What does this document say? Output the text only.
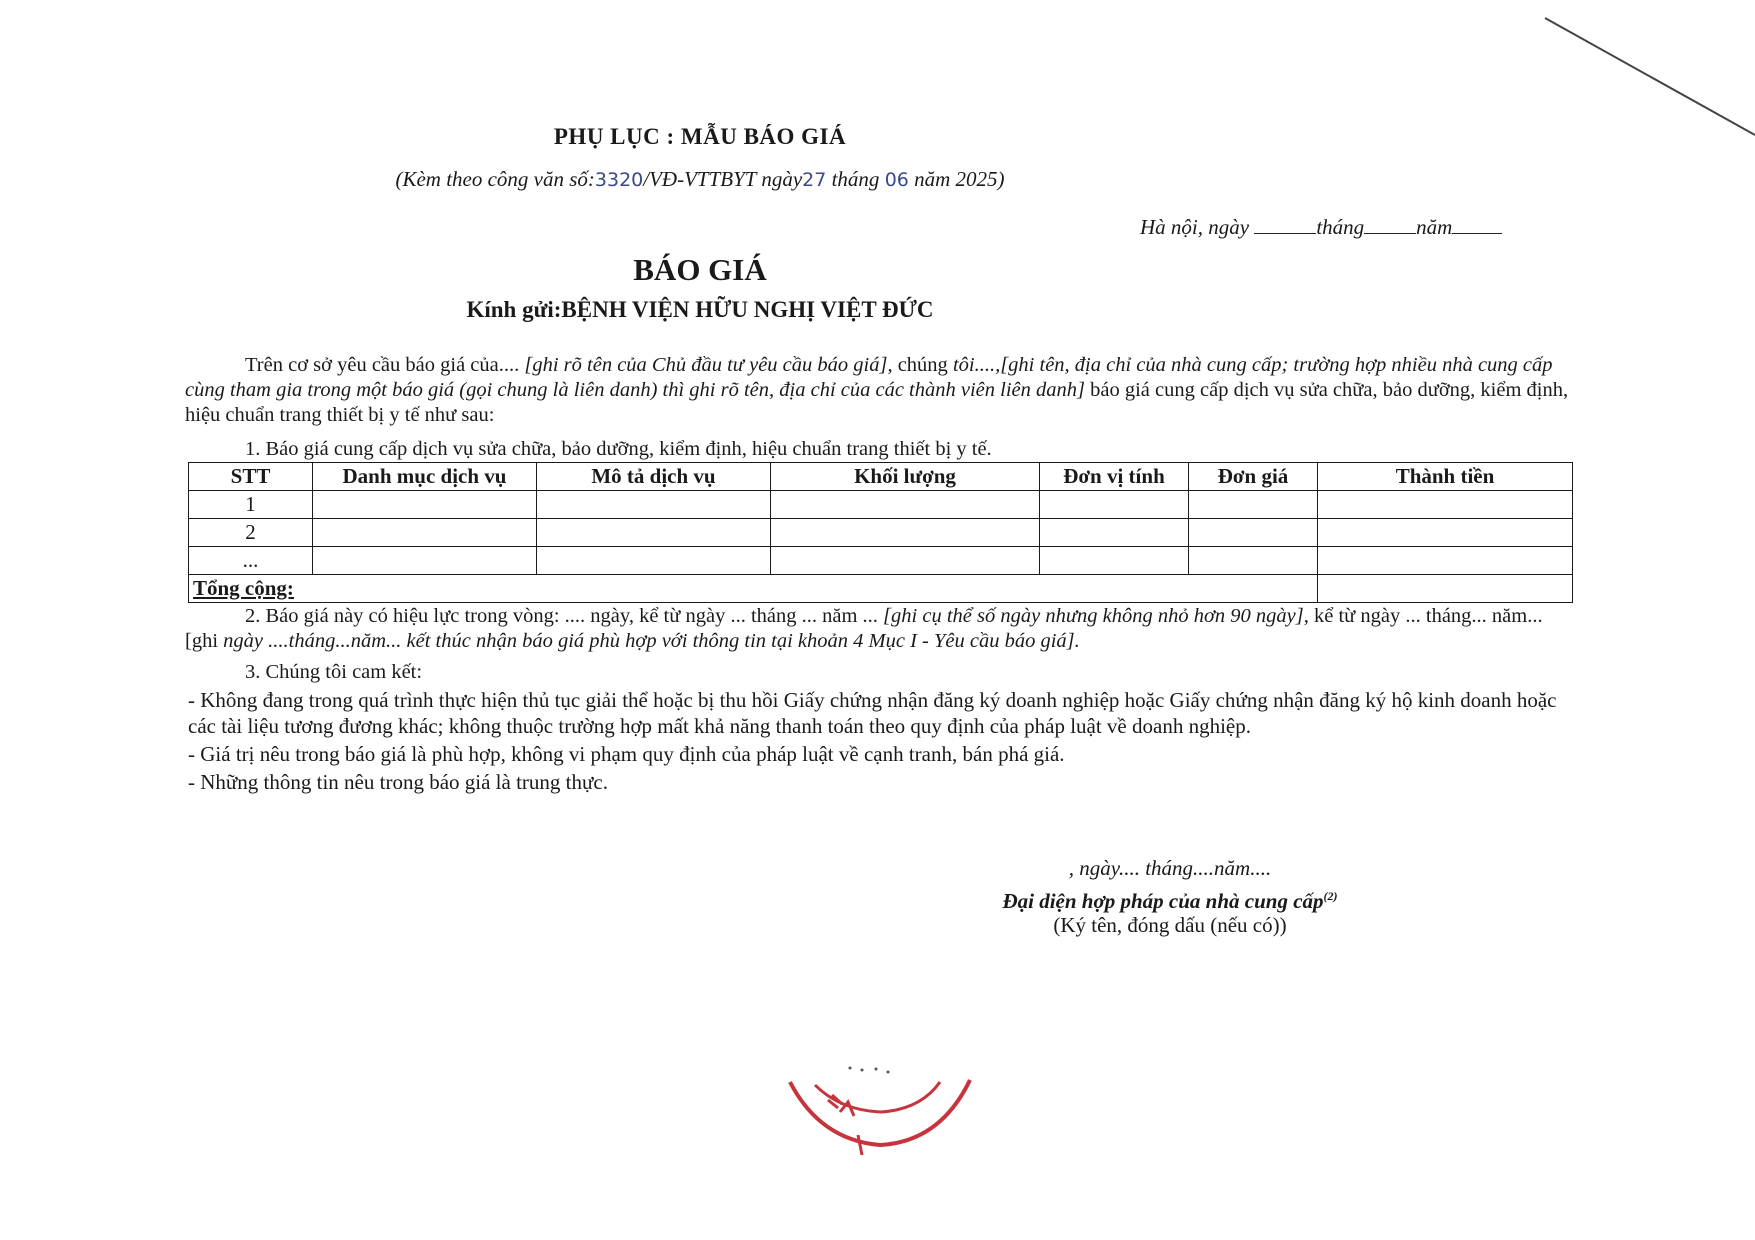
PHỤ LỤC : MẪU BÁO GIÁ
(Kèm theo công văn số:3320/VĐ-VTTBYT ngày27 tháng 06 năm 2025)
Hà nội, ngày	tháng năm
BÁO GIÁ
Kính gửi:BỆNH VIỆN HỮU NGHỊ VIỆT ĐỨC
Trên cơ sở yêu cầu báo giá của.... [ghi rõ tên của Chủ đầu tư yêu cầu báo giá], chúng tôi....,[ghi tên, địa chỉ của nhà cung cấp; trường hợp nhiều nhà cung cấp cùng tham gia trong một báo giá (gọi chung là liên danh) thì ghi rõ tên, địa chỉ của các thành viên liên danh] báo giá cung cấp dịch vụ sửa chữa, bảo dưỡng, kiểm định, hiệu chuẩn trang thiết bị y tế như sau:
1. Báo giá cung cấp dịch vụ sửa chữa, bảo dưỡng, kiểm định, hiệu chuẩn trang thiết bị y tế.
STT	Danh mục dịch vụ	Mô tả dịch vụ	Khối lượng	Đơn vị tính	Đơn giá	Thành tiền
1						
2						
...						
Tổng cộng:						
2. Báo giá này có hiệu lực trong vòng: .... ngày, kể từ ngày ... tháng ... năm ... [ghi cụ thể số ngày nhưng không nhỏ hơn 90 ngày], kể từ ngày ... tháng... năm...[ghi ngày ....tháng...năm... kết thúc nhận báo giá phù hợp với thông tin tại khoản 4 Mục I - Yêu cầu báo giá].
3. Chúng tôi cam kết:
- Không đang trong quá trình thực hiện thủ tục giải thể hoặc bị thu hồi Giấy chứng nhận đăng ký doanh nghiệp hoặc Giấy chứng nhận đăng ký hộ kinh doanh hoặc các tài liệu tương đương khác; không thuộc trường hợp mất khả năng thanh toán theo quy định của pháp luật về doanh nghiệp.
- Giá trị nêu trong báo giá là phù hợp, không vi phạm quy định của pháp luật về cạnh tranh, bán phá giá.
- Những thông tin nêu trong báo giá là trung thực.
, ngày.... tháng....năm....
Đại diện hợp pháp của nhà cung cấp$^{(2)}$
(Ký tên, đóng dấu (nếu có))
